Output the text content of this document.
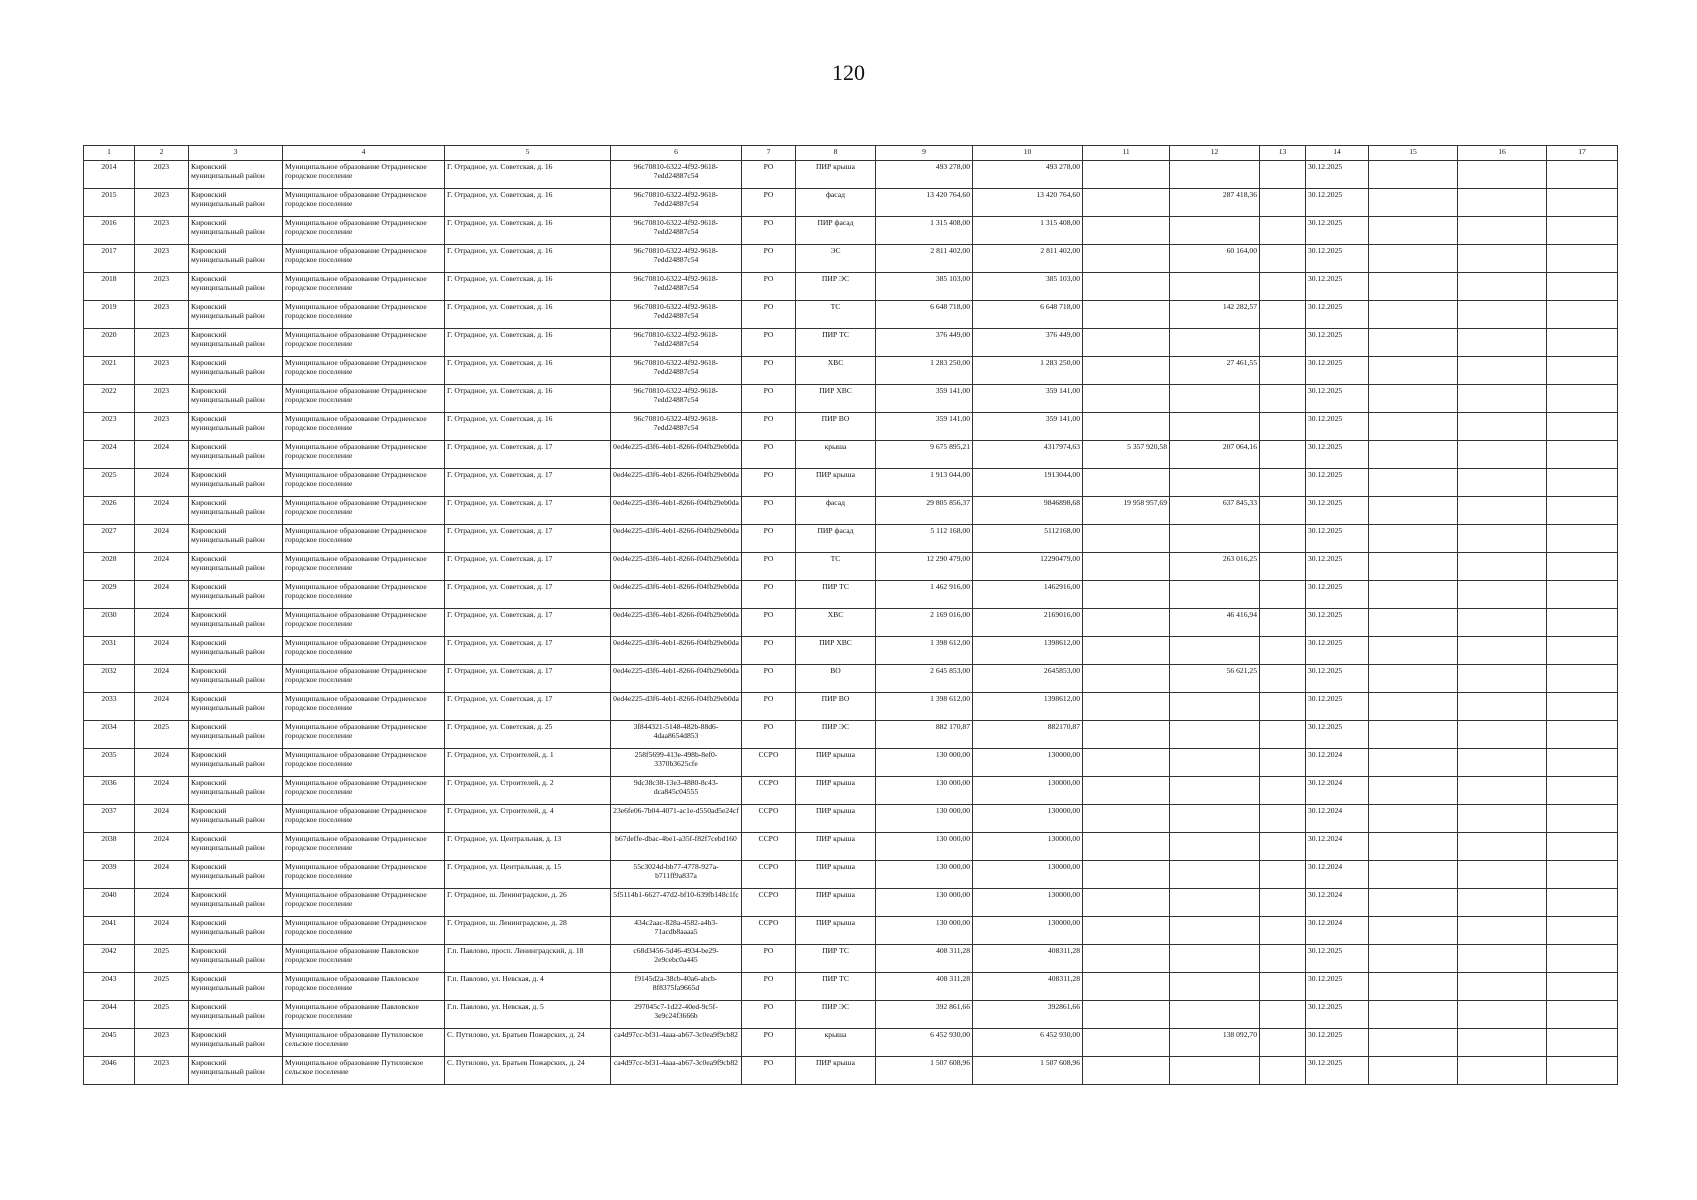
120
1	2	3	4	5	6	7	8	9	10	11	12	13	14	15	16	17
2014	2023	Кировский муниципальный район	Муниципальное образование Отрадненское городское поселение	Г. Отрадное, ул. Советская, д. 16	96c70810-6322-4f92-9618-7edd24887c54	РО	ПИР крыша	493 278,00	493 278,00				30.12.2025			
2015	2023	Кировский муниципальный район	Муниципальное образование Отрадненское городское поселение	Г. Отрадное, ул. Советская, д. 16	96c70810-6322-4f92-9618-7edd24887c54	РО	фасад	13 420 764,60	13 420 764,60		287 418,36		30.12.2025			
2016	2023	Кировский муниципальный район	Муниципальное образование Отрадненское городское поселение	Г. Отрадное, ул. Советская, д. 16	96c70810-6322-4f92-9618-7edd24887c54	РО	ПИР фасад	1 315 408,00	1 315 408,00				30.12.2025			
2017	2023	Кировский муниципальный район	Муниципальное образование Отрадненское городское поселение	Г. Отрадное, ул. Советская, д. 16	96c70810-6322-4f92-9618-7edd24887c54	РО	ЭС	2 811 402,00	2 811 402,00		60 164,00		30.12.2025			
2018	2023	Кировский муниципальный район	Муниципальное образование Отрадненское городское поселение	Г. Отрадное, ул. Советская, д. 16	96c70810-6322-4f92-9618-7edd24887c54	РО	ПИР ЭС	385 103,00	385 103,00				30.12.2025			
2019	2023	Кировский муниципальный район	Муниципальное образование Отрадненское городское поселение	Г. Отрадное, ул. Советская, д. 16	96c70810-6322-4f92-9618-7edd24887c54	РО	ТС	6 648 718,00	6 648 718,00		142 282,57		30.12.2025			
2020	2023	Кировский муниципальный район	Муниципальное образование Отрадненское городское поселение	Г. Отрадное, ул. Советская, д. 16	96c70810-6322-4f92-9618-7edd24887c54	РО	ПИР ТС	376 449,00	376 449,00				30.12.2025			
2021	2023	Кировский муниципальный район	Муниципальное образование Отрадненское городское поселение	Г. Отрадное, ул. Советская, д. 16	96c70810-6322-4f92-9618-7edd24887c54	РО	ХВС	1 283 250,00	1 283 250,00		27 461,55		30.12.2025			
2022	2023	Кировский муниципальный район	Муниципальное образование Отрадненское городское поселение	Г. Отрадное, ул. Советская, д. 16	96c70810-6322-4f92-9618-7edd24887c54	РО	ПИР ХВС	359 141,00	359 141,00				30.12.2025			
2023	2023	Кировский муниципальный район	Муниципальное образование Отрадненское городское поселение	Г. Отрадное, ул. Советская, д. 16	96c70810-6322-4f92-9618-7edd24887c54	РО	ПИР ВО	359 141,00	359 141,00				30.12.2025			
2024	2024	Кировский муниципальный район	Муниципальное образование Отрадненское городское поселение	Г. Отрадное, ул. Советская, д. 17	0ed4e225-d3f6-4eb1-8266-f04fb29eb0da	РО	крыша	9 675 895,21	4317974,63	5 357 920,58	207 064,16		30.12.2025			
2025	2024	Кировский муниципальный район	Муниципальное образование Отрадненское городское поселение	Г. Отрадное, ул. Советская, д. 17	0ed4e225-d3f6-4eb1-8266-f04fb29eb0da	РО	ПИР крыша	1 913 044,00	1913044,00				30.12.2025			
2026	2024	Кировский муниципальный район	Муниципальное образование Отрадненское городское поселение	Г. Отрадное, ул. Советская, д. 17	0ed4e225-d3f6-4eb1-8266-f04fb29eb0da	РО	фасад	29 805 856,37	9846898,68	19 958 957,69	637 845,33		30.12.2025			
2027	2024	Кировский муниципальный район	Муниципальное образование Отрадненское городское поселение	Г. Отрадное, ул. Советская, д. 17	0ed4e225-d3f6-4eb1-8266-f04fb29eb0da	РО	ПИР фасад	5 112 168,00	5112168,00				30.12.2025			
2028	2024	Кировский муниципальный район	Муниципальное образование Отрадненское городское поселение	Г. Отрадное, ул. Советская, д. 17	0ed4e225-d3f6-4eb1-8266-f04fb29eb0da	РО	ТС	12 290 479,00	12290479,00		263 016,25		30.12.2025			
2029	2024	Кировский муниципальный район	Муниципальное образование Отрадненское городское поселение	Г. Отрадное, ул. Советская, д. 17	0ed4e225-d3f6-4eb1-8266-f04fb29eb0da	РО	ПИР ТС	1 462 916,00	1462916,00				30.12.2025			
2030	2024	Кировский муниципальный район	Муниципальное образование Отрадненское городское поселение	Г. Отрадное, ул. Советская, д. 17	0ed4e225-d3f6-4eb1-8266-f04fb29eb0da	РО	ХВС	2 169 016,00	2169016,00		46 416,94		30.12.2025			
2031	2024	Кировский муниципальный район	Муниципальное образование Отрадненское городское поселение	Г. Отрадное, ул. Советская, д. 17	0ed4e225-d3f6-4eb1-8266-f04fb29eb0da	РО	ПИР ХВС	1 398 612,00	1398612,00				30.12.2025			
2032	2024	Кировский муниципальный район	Муниципальное образование Отрадненское городское поселение	Г. Отрадное, ул. Советская, д. 17	0ed4e225-d3f6-4eb1-8266-f04fb29eb0da	РО	ВО	2 645 853,00	2645853,00		56 621,25		30.12.2025			
2033	2024	Кировский муниципальный район	Муниципальное образование Отрадненское городское поселение	Г. Отрадное, ул. Советская, д. 17	0ed4e225-d3f6-4eb1-8266-f04fb29eb0da	РО	ПИР ВО	1 398 612,00	1398612,00				30.12.2025			
2034	2025	Кировский муниципальный район	Муниципальное образование Отрадненское городское поселение	Г. Отрадное, ул. Советская, д. 25	3f844321-5148-482b-88d6-4daa8654d853	РО	ПИР ЭС	882 170,87	882170,87				30.12.2025			
2035	2024	Кировский муниципальный район	Муниципальное образование Отрадненское городское поселение	Г. Отрадное, ул. Строителей, д. 1	258f5699-413e-498b-8ef0-3370b3625cfe	ССРО	ПИР крыша	130 000,00	130000,00				30.12.2024			
2036	2024	Кировский муниципальный район	Муниципальное образование Отрадненское городское поселение	Г. Отрадное, ул. Строителей, д. 2	9dc38c38-13e3-4880-8c43-dca845c04555	ССРО	ПИР крыша	130 000,00	130000,00				30.12.2024			
2037	2024	Кировский муниципальный район	Муниципальное образование Отрадненское городское поселение	Г. Отрадное, ул. Строителей, д. 4	23e6fe06-7b04-4071-ac1e-d550ad5e24cf	ССРО	ПИР крыша	130 000,00	130000,00				30.12.2024			
2038	2024	Кировский муниципальный район	Муниципальное образование Отрадненское городское поселение	Г. Отрадное, ул. Центральная, д. 13	b67deffe-dbac-4be1-a35f-f82f7cebd160	ССРО	ПИР крыша	130 000,00	130000,00				30.12.2024			
2039	2024	Кировский муниципальный район	Муниципальное образование Отрадненское городское поселение	Г. Отрадное, ул. Центральная, д. 15	55c3024d-bb77-4778-927a-b711ff9a837a	ССРО	ПИР крыша	130 000,00	130000,00				30.12.2024			
2040	2024	Кировский муниципальный район	Муниципальное образование Отрадненское городское поселение	Г. Отрадное, ш. Ленинградское, д. 26	5f5114b1-6627-47d2-bf10-639fb148c1fc	ССРО	ПИР крыша	130 000,00	130000,00				30.12.2024			
2041	2024	Кировский муниципальный район	Муниципальное образование Отрадненское городское поселение	Г. Отрадное, ш. Ленинградское, д. 28	434c2aac-828a-4582-a4b3-71acdb8aaaa5	ССРО	ПИР крыша	130 000,00	130000,00				30.12.2024			
2042	2025	Кировский муниципальный район	Муниципальное образование Павловское городское поселение	Г.п. Павлово, просп. Ленинградский, д. 18	c68d3456-5d46-4934-be29-2e9cebc0a445	РО	ПИР ТС	408 311,28	408311,28				30.12.2025			
2043	2025	Кировский муниципальный район	Муниципальное образование Павловское городское поселение	Г.п. Павлово, ул. Невская, д. 4	f9145d2a-38cb-40a6-abcb-8f8375fa9665d	РО	ПИР ТС	408 311,28	408311,28				30.12.2025			
2044	2025	Кировский муниципальный район	Муниципальное образование Павловское городское поселение	Г.п. Павлово, ул. Невская, д. 5	297045c7-1d22-40ed-9c5f-3e9c24f3666b	РО	ПИР ЭС	392 861,66	392861,66				30.12.2025			
2045	2023	Кировский муниципальный район	Муниципальное образование Путиловское сельское поселение	С. Путилово, ул. Братьев Пожарских, д. 24	ca4d97cc-bf31-4aaa-ab67-3c0ea9f9cb82	РО	крыша	6 452 930,00	6 452 930,00		138 092,70		30.12.2025			
2046	2023	Кировский муниципальный район	Муниципальное образование Путиловское сельское поселение	С. Путилово, ул. Братьев Пожарских, д. 24	ca4d97cc-bf31-4aaa-ab67-3c0ea9f9cb82	РО	ПИР крыша	1 507 608,96	1 507 608,96				30.12.2025			
